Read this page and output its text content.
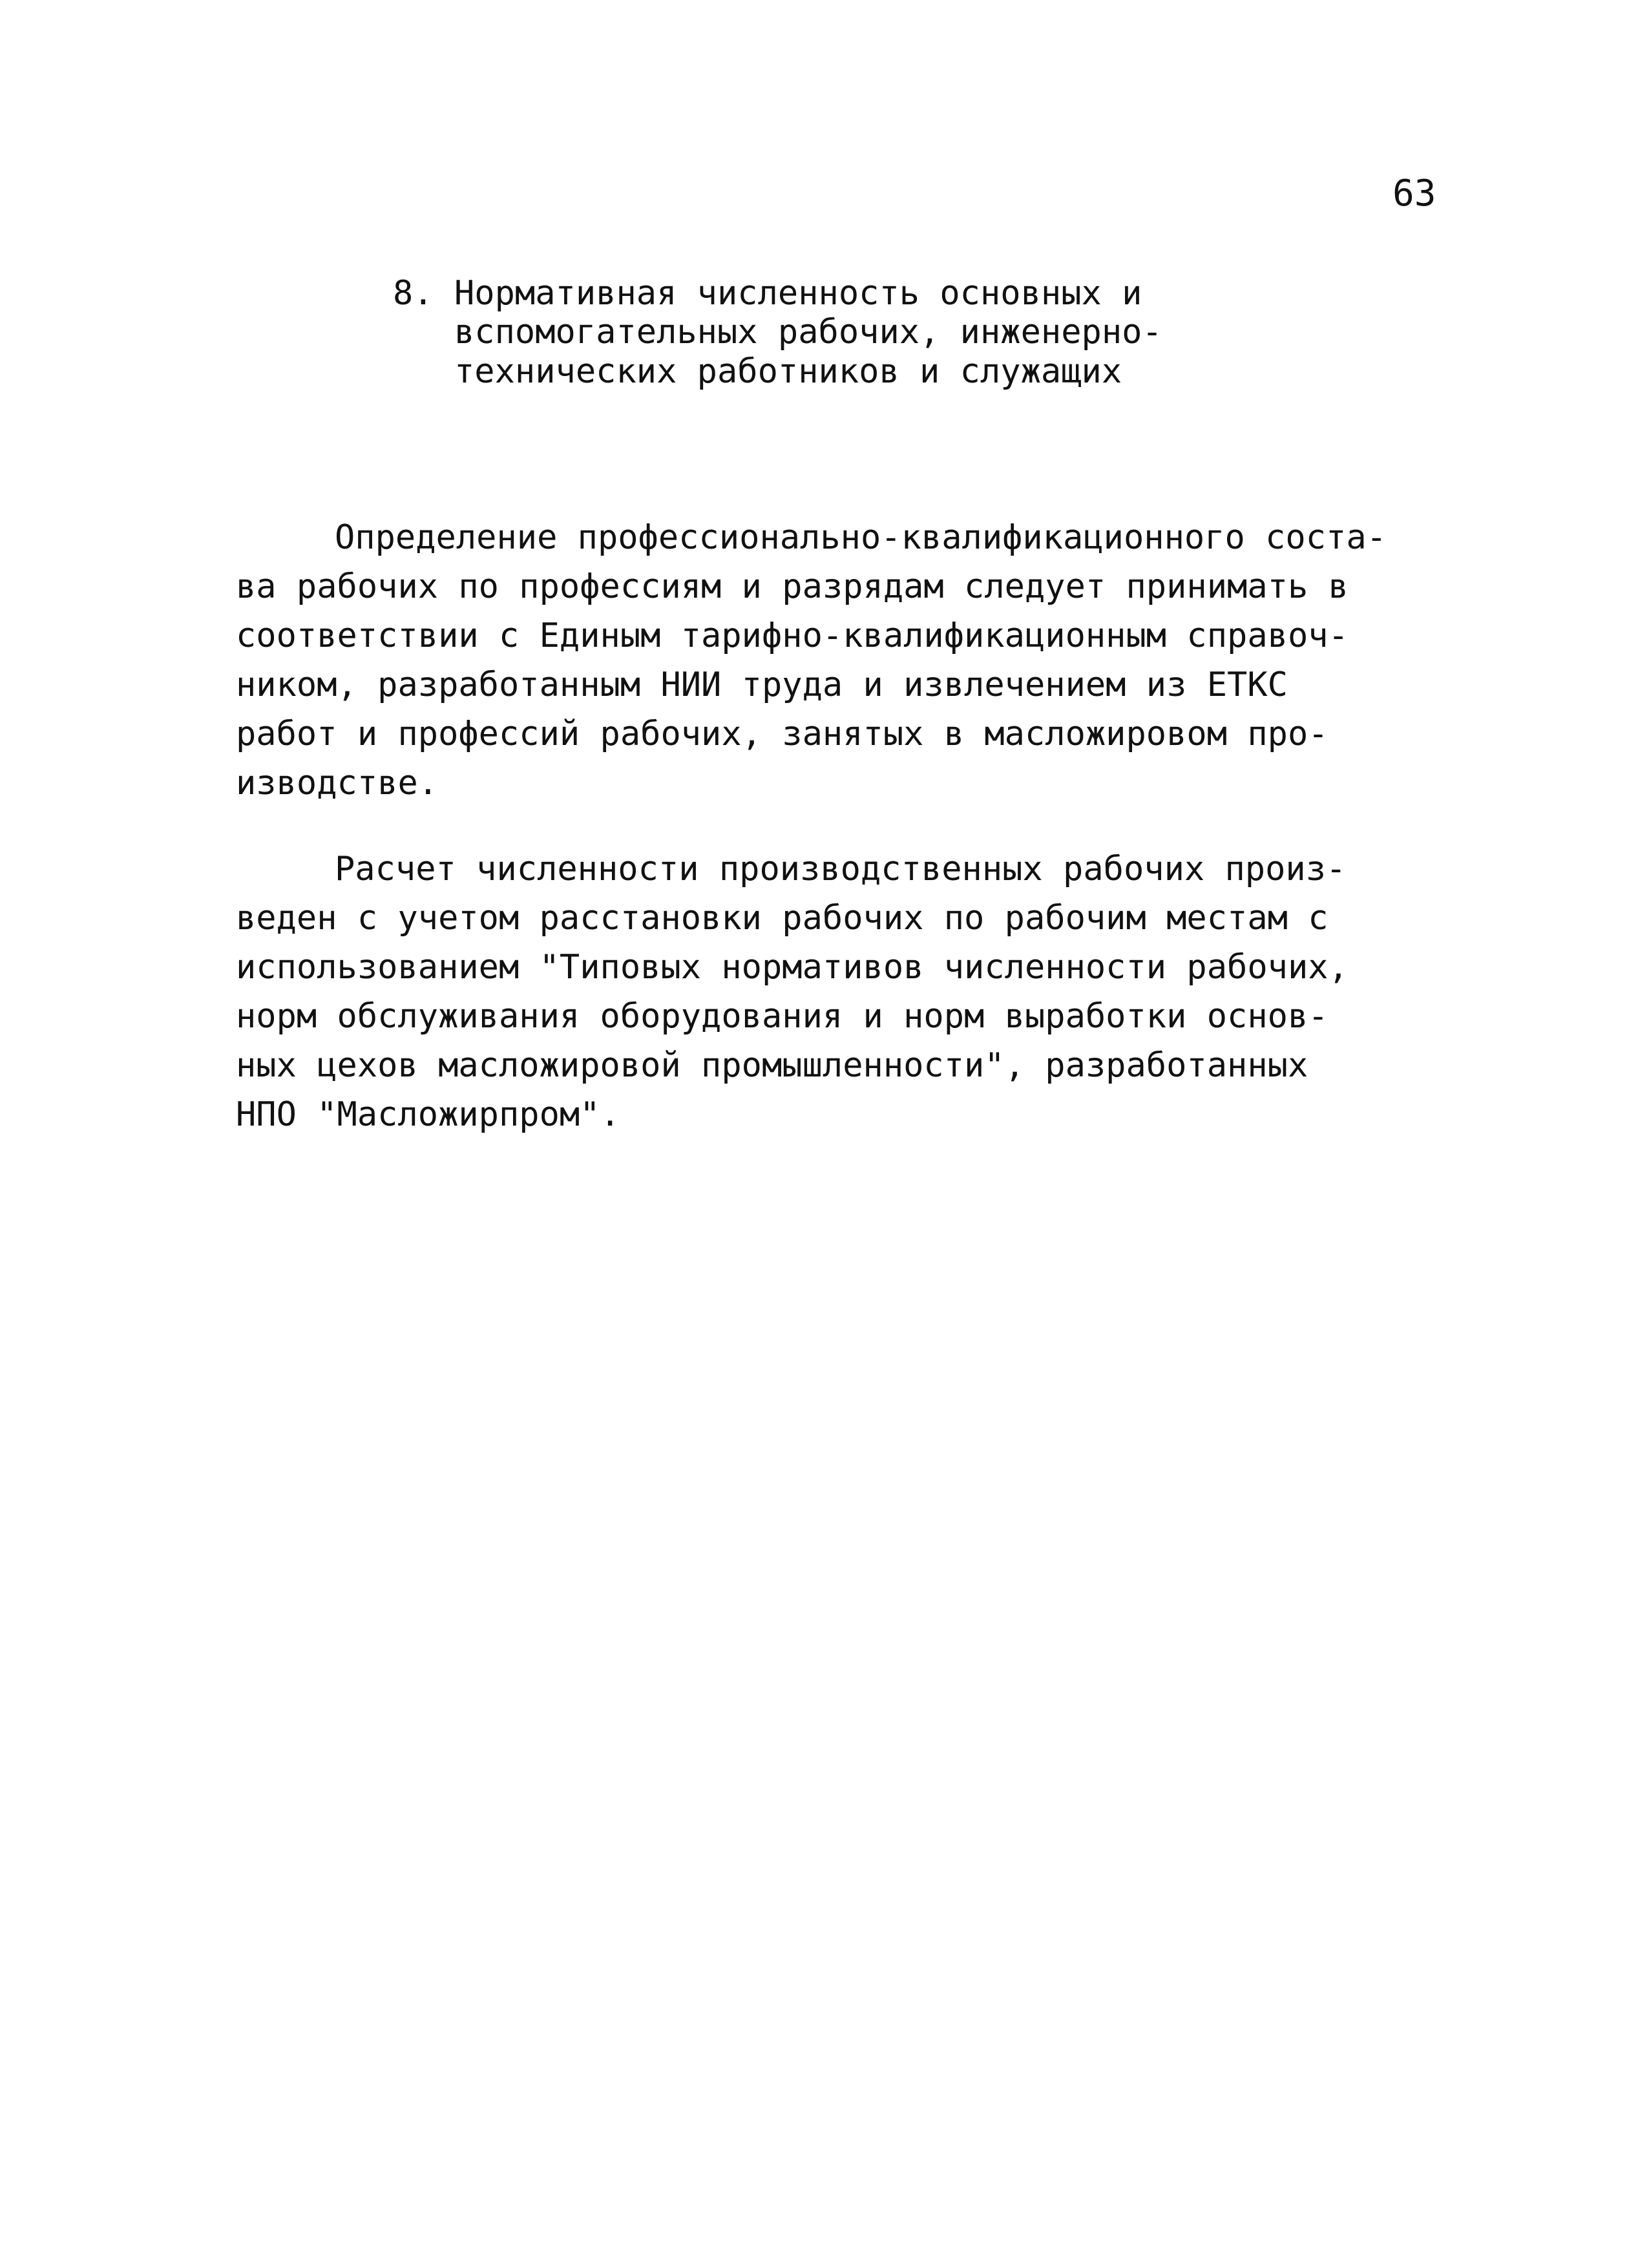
63
8. Нормативная численность основных и
вспомогательных рабочих, инженерно-
технических работников и служащих
Определение профессионально-квалификационного соста-
ва рабочих по профессиям и разрядам следует принимать в
соответствии с Единым тарифно-квалификационным справоч-
ником, разработанным НИИ труда и извлечением из ЕТКС
работ и профессий рабочих, занятых в масложировом про-
изводстве.
Расчет численности производственных рабочих произ-
веден с учетом расстановки рабочих по рабочим местам с
использованием "Типовых нормативов численности рабочих,
норм обслуживания оборудования и норм выработки основ-
ных цехов масложировой промышленности", разработанных
НПО "Масложирпром".
